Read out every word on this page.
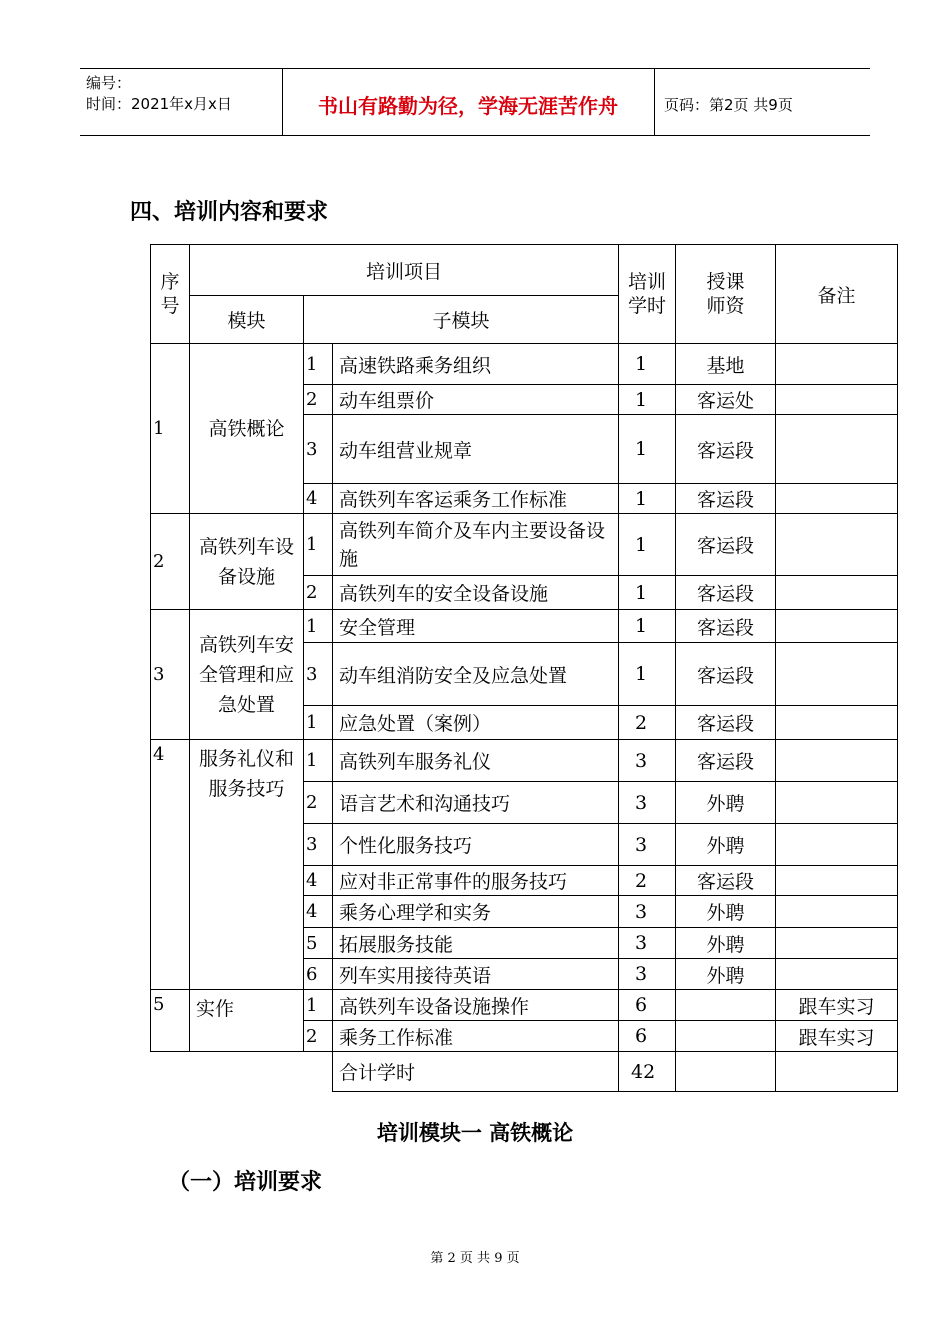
编号：
时间：2021年x月x日	书山有路勤为径，学海无涯苦作舟	页码：第2页 共9页
四、培训内容和要求
序号	培训项目			培训学时	授课师资	备注
	模块	子模块				
1	高铁概论	1	高速铁路乘务组织	1	基地	
		2	动车组票价	1	客运处	
		3	动车组营业规章	1	客运段	
		4	高铁列车客运乘务工作标准	1	客运段	
2	高铁列车设备设施	1	高铁列车简介及车内主要设备设施	1	客运段	
		2	高铁列车的安全设备设施	1	客运段	
3	高铁列车安全管理和应急处置	1	安全管理	1	客运段	
		3	动车组消防安全及应急处置	1	客运段	
		1	应急处置（案例）	2	客运段	
4	服务礼仪和服务技巧	1	高铁列车服务礼仪	3	客运段	
		2	语言艺术和沟通技巧	3	外聘	
		3	个性化服务技巧	3	外聘	
		4	应对非正常事件的服务技巧	2	客运段	
		4	乘务心理学和实务	3	外聘	
		5	拓展服务技能	3	外聘	
		6	列车实用接待英语	3	外聘	
5	实作	1	高铁列车设备设施操作	6		跟车实习
		2	乘务工作标准	6		跟车实习
			合计学时	42		
培训模块一 高铁概论
（一）培训要求
第 2 页 共 9 页
